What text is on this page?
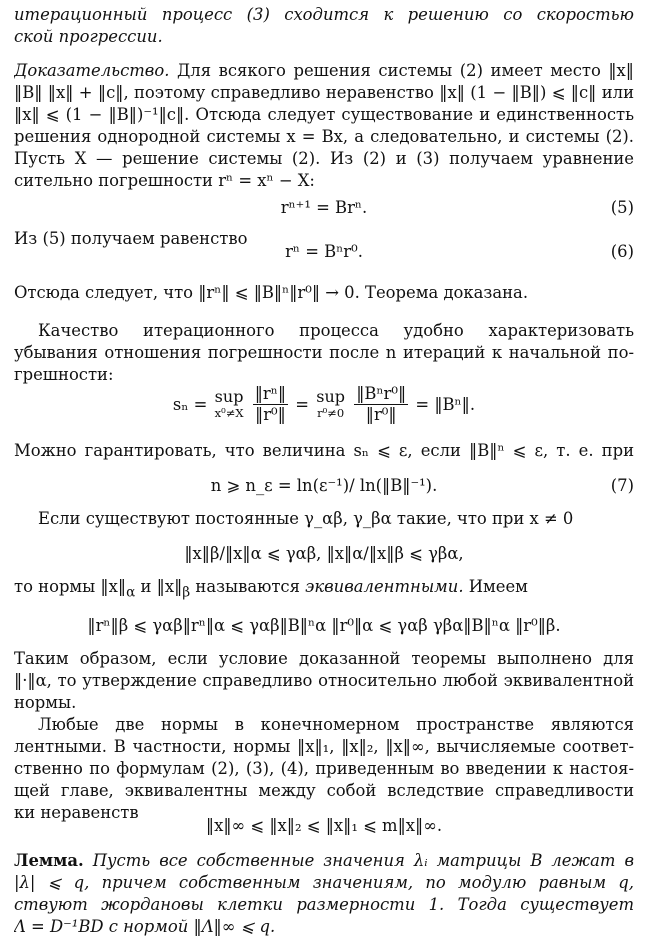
итерационный процесс (3) сходится к решению со скоростью
ской прогрессии.
Доказательство. Для всякого решения системы (2) имеет место ‖x‖
‖B‖ ‖x‖ + ‖c‖, поэтому справедливо неравенство ‖x‖ (1 − ‖B‖) ⩽ ‖c‖ или
‖x‖ ⩽ (1 − ‖B‖)⁻¹‖c‖. Отсюда следует существование и единственность
решения однородной системы x = Bx, а следовательно, и системы (2).
Пусть X — решение системы (2). Из (2) и (3) получаем уравнение
сительно погрешности rⁿ = xⁿ − X:
rⁿ⁺¹ = Brⁿ.	(5)
Из (5) получаем равенство
rⁿ = Bⁿr⁰.	(6)
Отсюда следует, что ‖rⁿ‖ ⩽ ‖B‖ⁿ‖r⁰‖ → 0. Теорема доказана.
Качество итерационного процесса удобно характеризовать
убывания отношения погрешности после n итераций к начальной по-
грешности:
sₙ = sup
x⁰≠X
$\frac{\text{‖rⁿ‖}}{\text{‖r⁰‖}}$ = sup
r⁰≠0
$\frac{\text{‖Bⁿr⁰‖}}{\text{‖r⁰‖}}$ = ‖Bⁿ‖.
Можно гарантировать, что величина sₙ ⩽ ε, если ‖B‖ⁿ ⩽ ε, т. е. при
n ⩾ n_ε = ln(ε⁻¹)/ ln(‖B‖⁻¹).	(7)
Если существуют постоянные γ_αβ, γ_βα такие, что при x ≠ 0
‖x‖β/‖x‖α ⩽ γαβ, ‖x‖α/‖x‖β ⩽ γβα,
то нормы $‖x‖_\alpha$ и $‖x‖_\beta$ называются эквивалентными. Имеем
‖rⁿ‖β ⩽ γαβ‖rⁿ‖α ⩽ γαβ‖B‖ⁿα ‖r⁰‖α ⩽ γαβ γβα‖B‖ⁿα ‖r⁰‖β.
Таким образом, если условие доказанной теоремы выполнено для
‖·‖α, то утверждение справедливо относительно любой эквивалентной
нормы.
Любые две нормы в конечномерном пространстве являются
лентными. В частности, нормы ‖x‖₁, ‖x‖₂, ‖x‖∞, вычисляемые соответ-
ственно по формулам (2), (3), (4), приведенным во введении к настоя-
щей главе, эквивалентны между собой вследствие справедливости
ки неравенств
‖x‖∞ ⩽ ‖x‖₂ ⩽ ‖x‖₁ ⩽ m‖x‖∞.
Лемма. Пусть все собственные значения λᵢ матрицы B лежат в
|λ| ⩽ q, причем собственным значениям, по модулю равным q,
ствуют жордановы клетки размерности 1. Тогда существует
Λ = D⁻¹BD с нормой ‖Λ‖∞ ⩽ q.
